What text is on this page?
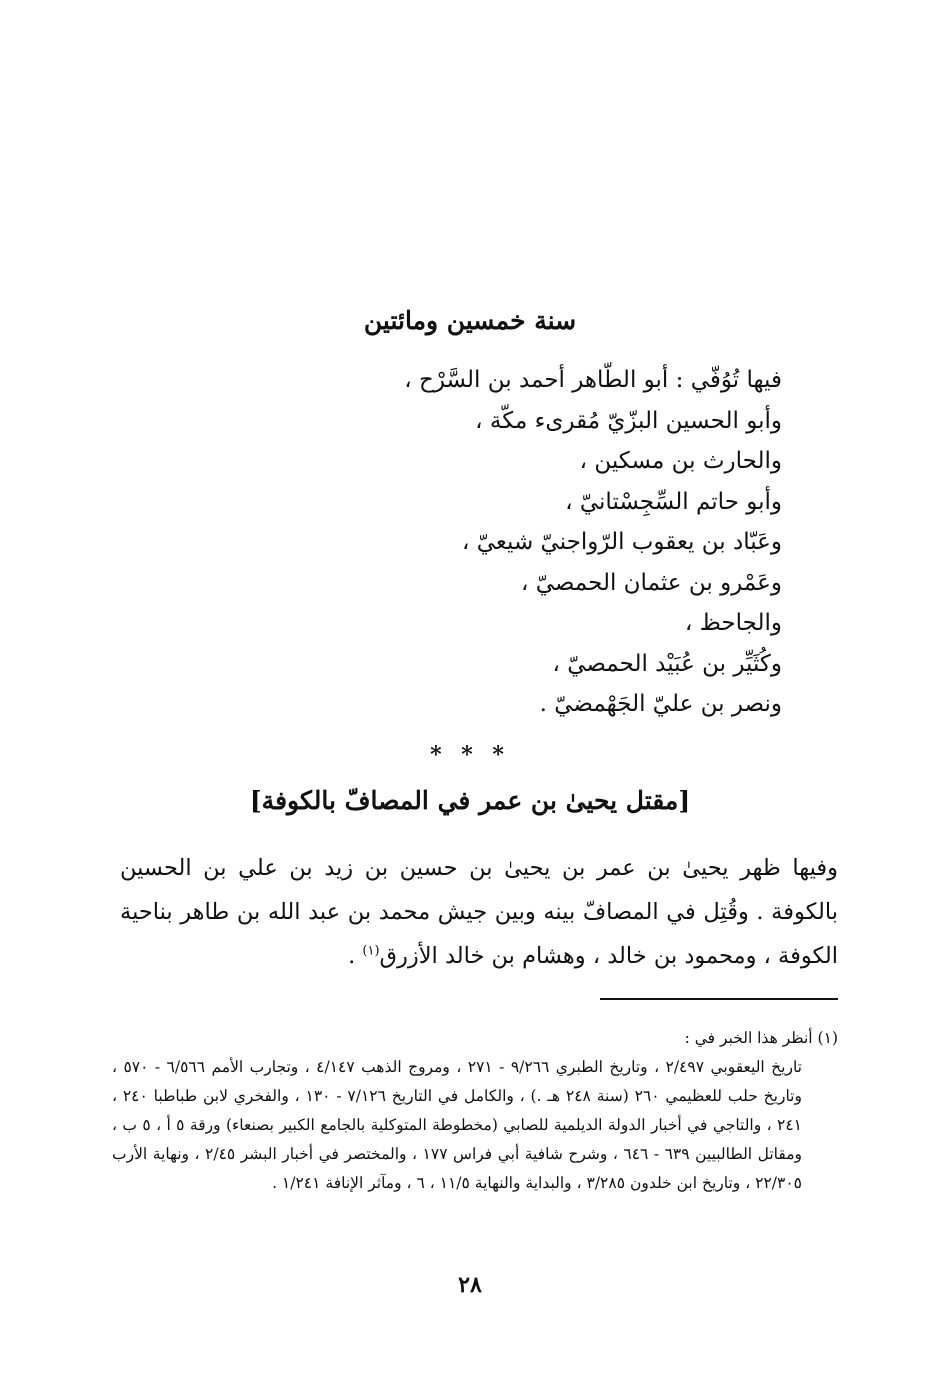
سنة خمسين ومائتين
فيها تُوُفّي : أبو الطّاهر أحمد بن السَّرْح ،
وأبو الحسين البزّيّ مُقرىء مكّة ،
والحارث بن مسكين ،
وأبو حاتم السِّجِسْتانيّ ،
وعَبّاد بن يعقوب الرّواجنيّ شيعيّ ،
وعَمْرو بن عثمان الحمصيّ ،
والجاحظ ،
وكُثَيِّر بن عُبَيْد الحمصيّ ،
ونصر بن عليّ الجَهْمضيّ .
* * *
[مقتل يحيىٰ بن عمر في المصافّ بالكوفة]

وفيها ظهر يحيىٰ بن عمر بن يحيىٰ بن حسين بن زيد بن علي بن الحسين بالكوفة . وقُتِل في المصافّ بينه وبين جيش محمد بن عبد الله بن طاهر بناحية الكوفة ، ومحمود بن خالد ، وهشام بن خالد الأزرق$^{(١)}$ .

(١) أنظر هذا الخبر في :
تاريخ اليعقوبي ٢/٤٩٧ ، وتاريخ الطبري ٩/٢٦٦ - ٢٧١ ، ومروج الذهب ٤/١٤٧ ، وتجارب الأمم ٦/٥٦٦ - ٥٧٠ ، وتاريخ حلب للعظيمي ٢٦٠ (سنة ٢٤٨ هـ .) ، والكامل في التاريخ ٧/١٢٦ - ١٣٠ ، والفخري لابن طباطبا ٢٤٠ ، ٢٤١ ، والتاجي في أخبار الدولة الديلمية للصابي (مخطوطة المتوكلية بالجامع الكبير بصنعاء) ورقة ٥ أ ، ٥ ب ، ومقاتل الطالبيين ٦٣٩ - ٦٤٦ ، وشرح شافية أبي فراس ١٧٧ ، والمختصر في أخبار البشر ٢/٤٥ ، ونهاية الأرب ٢٢/٣٠٥ ، وتاريخ ابن خلدون ٣/٢٨٥ ، والبداية والنهاية ١١/٥ ، ٦ ، ومآثر الإنافة ١/٢٤١ .
٢٨
